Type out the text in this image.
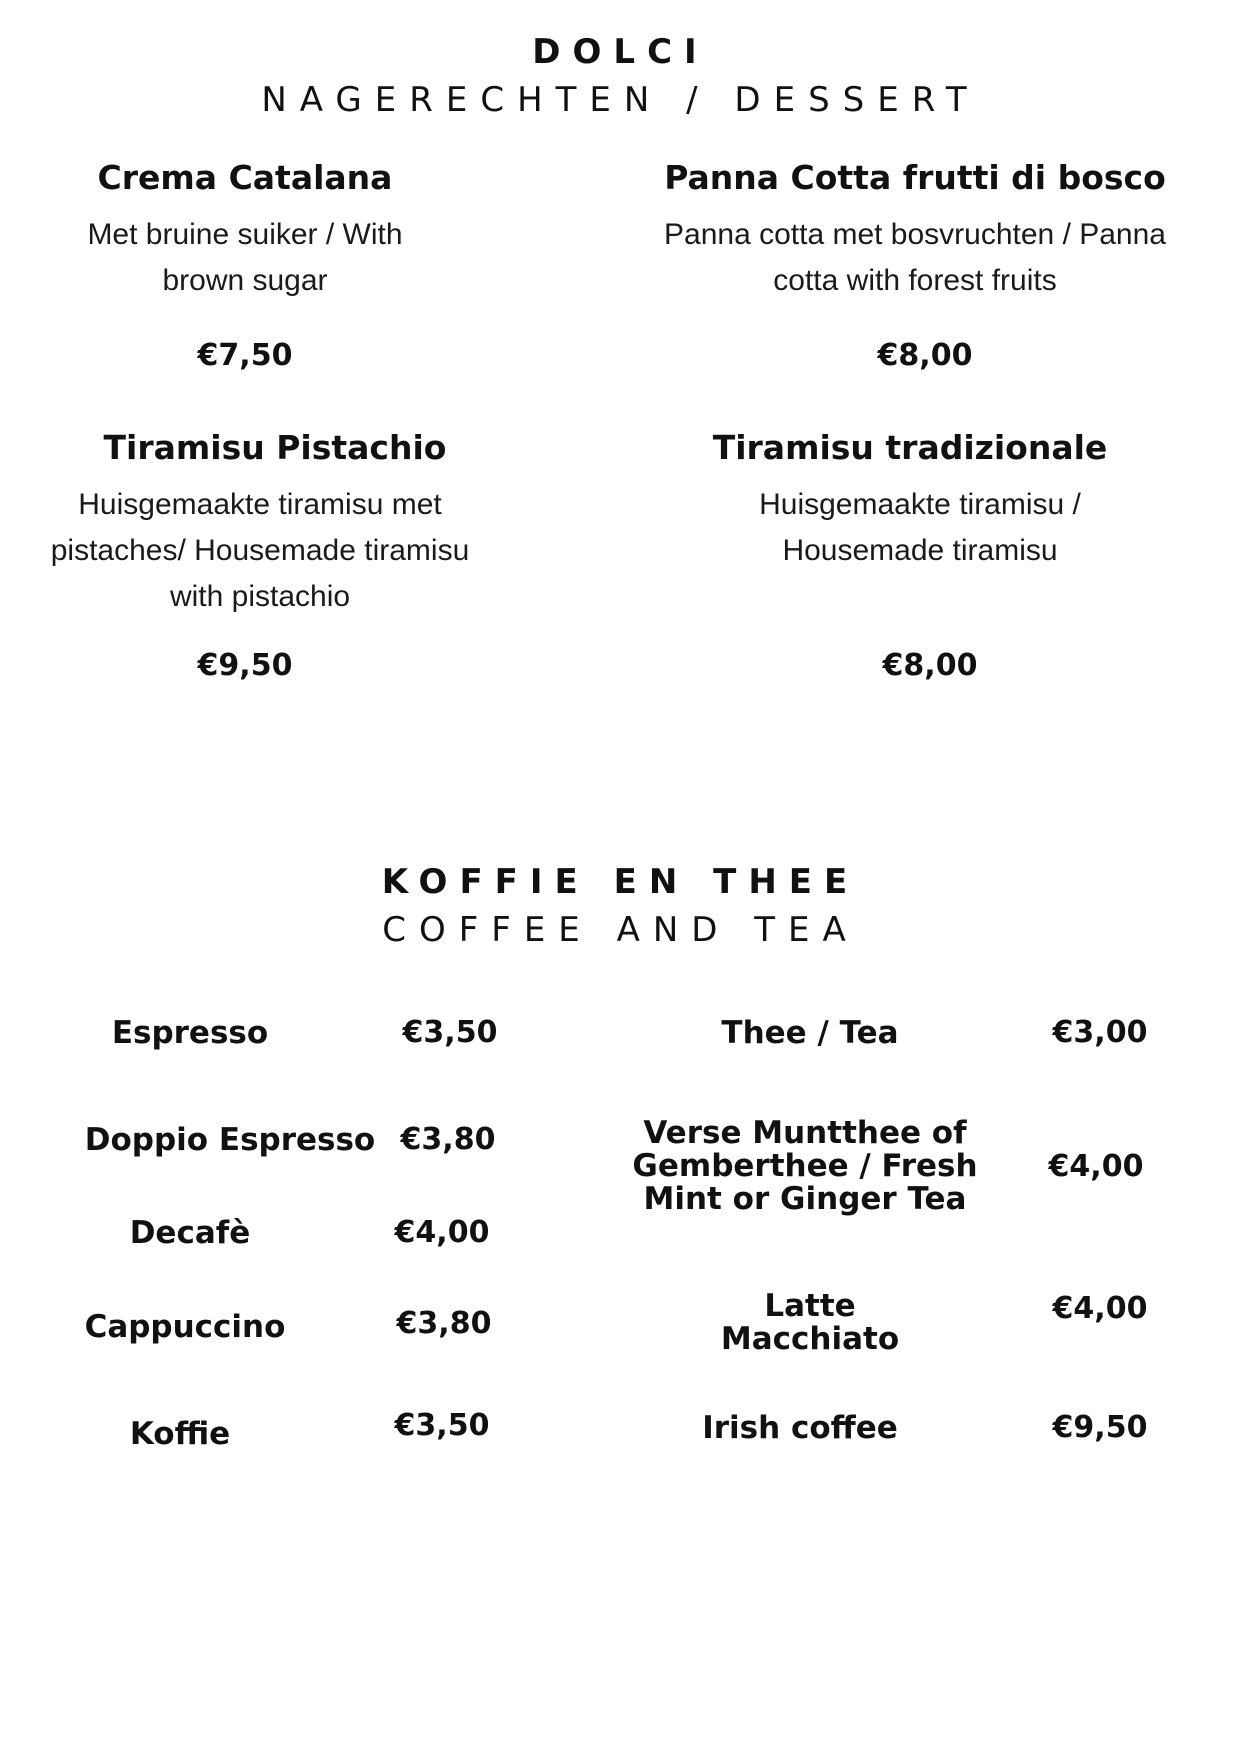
DOLCI
NAGERECHTEN / DESSERT
Crema Catalana
Met bruine suiker / With brown sugar
€7,50
Panna Cotta frutti di bosco
Panna cotta met bosvruchten / Panna cotta with forest fruits
€8,00
Tiramisu Pistachio
Huisgemaakte tiramisu met pistaches/ Housemade tiramisu with pistachio
€9,50
Tiramisu tradizionale
Huisgemaakte tiramisu / Housemade tiramisu
€8,00
KOFFIE EN THEE
COFFEE AND TEA
Espresso	€3,50
Doppio Espresso €3,80
Decafè	€4,00
Cappuccino	€3,80
Koffie	€3,50
Thee / Tea	€3,00
Verse Muntthee of Gemberthee / Fresh Mint or Ginger Tea
€4,00
Latte Macchiato
€4,00
Irish coffee	€9,50
